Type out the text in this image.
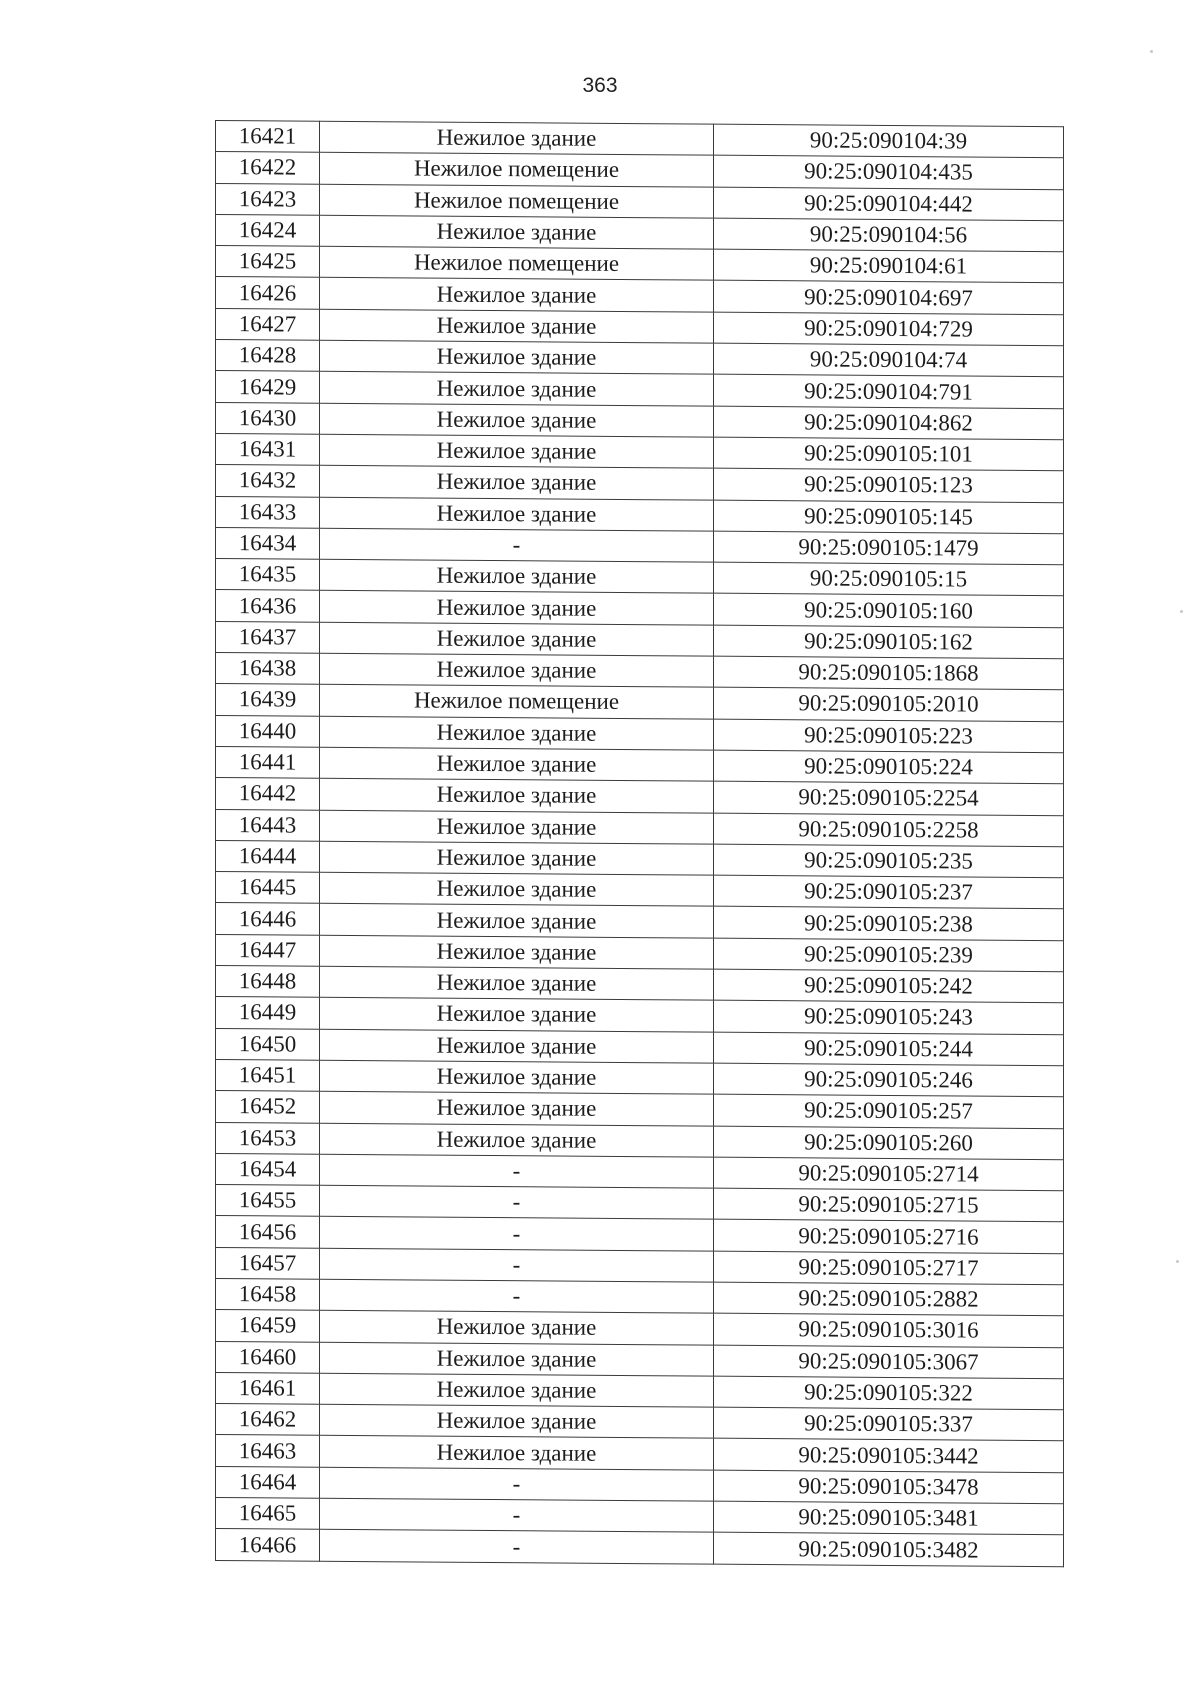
363
16421	Нежилое здание	90:25:090104:39
16422	Нежилое помещение	90:25:090104:435
16423	Нежилое помещение	90:25:090104:442
16424	Нежилое здание	90:25:090104:56
16425	Нежилое помещение	90:25:090104:61
16426	Нежилое здание	90:25:090104:697
16427	Нежилое здание	90:25:090104:729
16428	Нежилое здание	90:25:090104:74
16429	Нежилое здание	90:25:090104:791
16430	Нежилое здание	90:25:090104:862
16431	Нежилое здание	90:25:090105:101
16432	Нежилое здание	90:25:090105:123
16433	Нежилое здание	90:25:090105:145
16434	-	90:25:090105:1479
16435	Нежилое здание	90:25:090105:15
16436	Нежилое здание	90:25:090105:160
16437	Нежилое здание	90:25:090105:162
16438	Нежилое здание	90:25:090105:1868
16439	Нежилое помещение	90:25:090105:2010
16440	Нежилое здание	90:25:090105:223
16441	Нежилое здание	90:25:090105:224
16442	Нежилое здание	90:25:090105:2254
16443	Нежилое здание	90:25:090105:2258
16444	Нежилое здание	90:25:090105:235
16445	Нежилое здание	90:25:090105:237
16446	Нежилое здание	90:25:090105:238
16447	Нежилое здание	90:25:090105:239
16448	Нежилое здание	90:25:090105:242
16449	Нежилое здание	90:25:090105:243
16450	Нежилое здание	90:25:090105:244
16451	Нежилое здание	90:25:090105:246
16452	Нежилое здание	90:25:090105:257
16453	Нежилое здание	90:25:090105:260
16454	-	90:25:090105:2714
16455	-	90:25:090105:2715
16456	-	90:25:090105:2716
16457	-	90:25:090105:2717
16458	-	90:25:090105:2882
16459	Нежилое здание	90:25:090105:3016
16460	Нежилое здание	90:25:090105:3067
16461	Нежилое здание	90:25:090105:322
16462	Нежилое здание	90:25:090105:337
16463	Нежилое здание	90:25:090105:3442
16464	-	90:25:090105:3478
16465	-	90:25:090105:3481
16466	-	90:25:090105:3482
